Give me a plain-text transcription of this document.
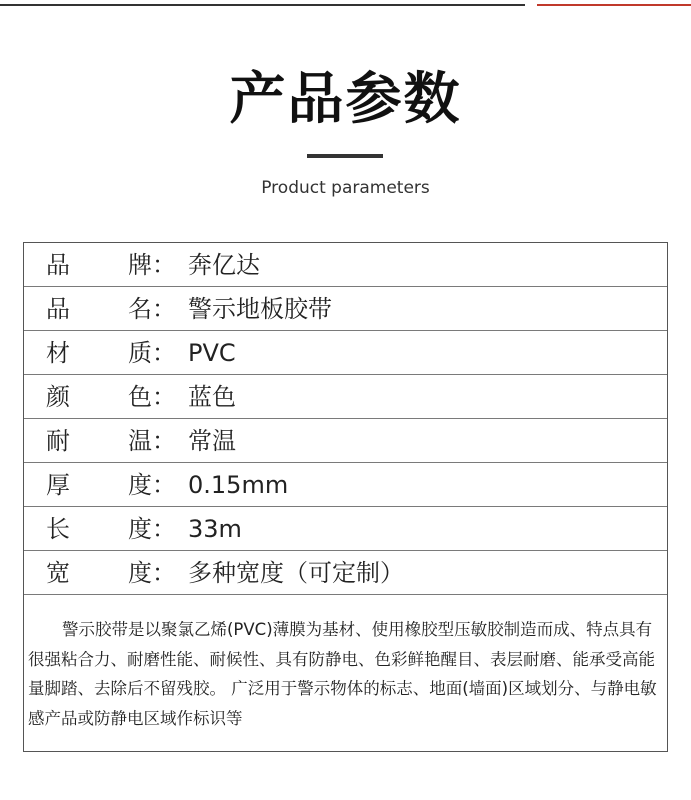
产品参数
Product parameters
品 牌： 奔亿达
品 名： 警示地板胶带
材 质： PVC
颜 色： 蓝色
耐 温： 常温
厚 度： 0.15mm
长 度： 33m
宽 度： 多种宽度（可定制）

警示胶带是以聚氯乙烯(PVC)薄膜为基材、使用橡胶型压敏胶制造而成、特点具有很强粘合力、耐磨性能、耐候性、具有防静电、色彩鲜艳醒目、表层耐磨、能承受高能量脚踏、去除后不留残胶。 广泛用于警示物体的标志、地面(墙面)区域划分、与静电敏感产品或防静电区域作标识等
